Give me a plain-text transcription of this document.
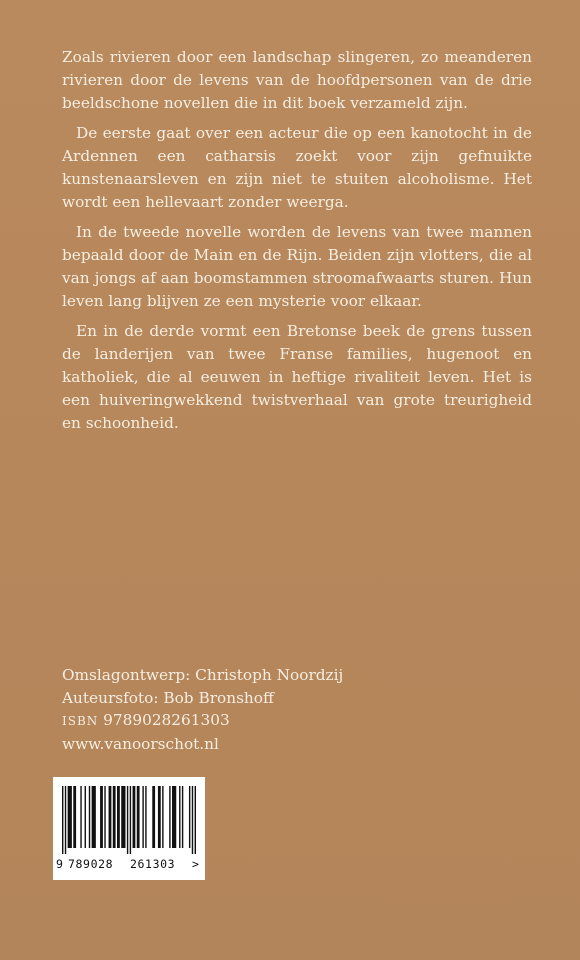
Zoals rivieren door een landschap slingeren, zo meanderen rivieren door de levens van de hoofdpersonen van de drie beeldschone novellen die in dit boek verzameld zijn.

De eerste gaat over een acteur die op een kanotocht in de Ardennen een catharsis zoekt voor zijn gefnuikte kunstenaarsleven en zijn niet te stuiten alcoholisme. Het wordt een hellevaart zonder weerga.

In de tweede novelle worden de levens van twee mannen bepaald door de Main en de Rijn. Beiden zijn vlotters, die al van jongs af aan boomstammen stroomafwaarts sturen. Hun leven lang blijven ze een mysterie voor elkaar.

En in de derde vormt een Bretonse beek de grens tussen de landerijen van twee Franse families, hugenoot en katholiek, die al eeuwen in heftige rivaliteit leven. Het is een huiveringwekkend twistverhaal van grote treurigheid en schoonheid.

Omslagontwerp: Christoph Noordzij
Auteursfoto: Bob Bronshoff
ISBN 9789028261303
www.vanoorschot.nl
9 789028 261303 >
